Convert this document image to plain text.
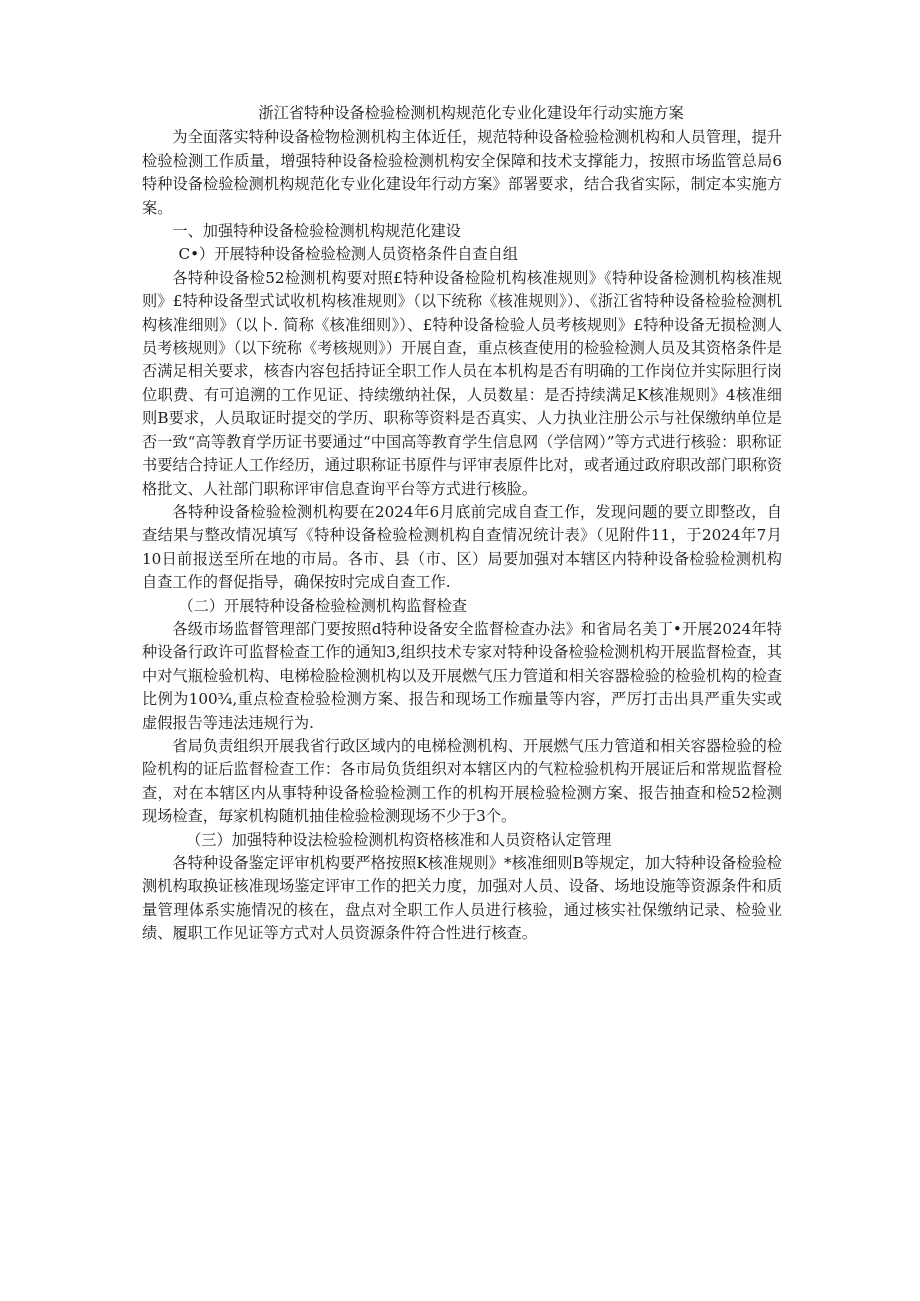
浙江省特种设备检验检测机构规范化专业化建设年行动实施方案

为全面落实特种设备检物检测机构主体近任，规范特种设备检验检测机构和人员管理，提升检验检测工作质量，增强特种设备检验检测机构安全保障和技术支撑能力，按照市场监管总局6特种设备检验检测机构规范化专业化建设年行动方案》部署要求，结合我省实际，制定本实施方案。

一、加强特种设备检验检测机构规范化建设

C•）开展特种设备检验检测人员资格条件自查自组

各特种设备检52检测机构要对照£特种设备检险机构核准规则》《特种设备检测机构核准规则》£特种设备型式试收机构核准规则》（以下统称《核准规则》）、《浙江省特种设备检验检测机构核准细则》（以卜. 简称《核准细则》）、£特种设备检验人员考核规则》£特种设备无损检测人员考核规则》（以下统称《考核规则》）开展自查，重点核查使用的检验检测人员及其资格条件是否满足相关要求，核杳内容包括持证全职工作人员在本机构是否有明确的工作岗位并实际胆行岗位职费、有可追溯的工作见证、持续缴纳社保，人员数星：是否持续满足K核准规则》4核准细则B要求，人员取证时提交的学历、职称等资料是否真实、人力执业注册公示与社保缴纳单位是否一致“高等教育学历证书要通过“中国高等教育学生信息网（学信网）”等方式进行核验：职称证书要结合持证人工作经历，通过职称证书原件与评审表原件比对，或者通过政府职改部门职称资格批文、人社部门职称评审信息查询平台等方式进行核脸。

各特种设备检验检测机构要在2024年6月底前完成自查工作，发现问题的要立即整改，自查结果与整改情况填写《特种设备检验检测机构自查情况统计表》（见附件11，于2024年7月10日前报送至所在地的市局。各市、县（市、区）局要加强对本辖区内特种设备检验检测机构自查工作的督促指导，确保按时完成自查工作.

（二）开展特种设备检验检测机构监督检查

各级市场监督管理部门要按照d特种设备安全监督检查办法》和省局名美丁•开展2024年特种设备行政许可监督检查工作的通知3,组织技术专家对特种设备检验检测机构开展监督检查，其中对气瓶检验机构、电梯检脸检测机构以及开展燃气压力管道和相关容器检验的检验机构的检查比例为100¾,重点检查检验检测方案、报告和现场工作痂量等内容，严厉打击出具严重失实或虚假报告等违法违规行为.

省局负责组织开展我省行政区域内的电梯检测机构、开展燃气压力管道和相关容器检验的检险机构的证后监督检查工作：各市局负货组织对本辖区内的气粒检验机构开展证后和常规监督检查，对在本辖区内从事特种设备检验检测工作的机构开展检验检测方案、报告抽查和检52检测现场检查，毎家机构随机抽佳检验检测现场不少于3个。

（三）加强特种设法检验检测机构资格核准和人员资格认定管理

各特种设备鉴定评审机构要严格按照K核准规则》*核准细则B等规定，加大特种设备检验检测机构取换证核准现场鉴定评审工作的把关力度，加强对人员、设备、场地设施等资源条件和质量管理体系实施情况的核在，盘点对全职工作人员进行核验，通过核实社保缴纳记录、检验业绩、履职工作见证等方式对人员资源条件符合性进行核查。
